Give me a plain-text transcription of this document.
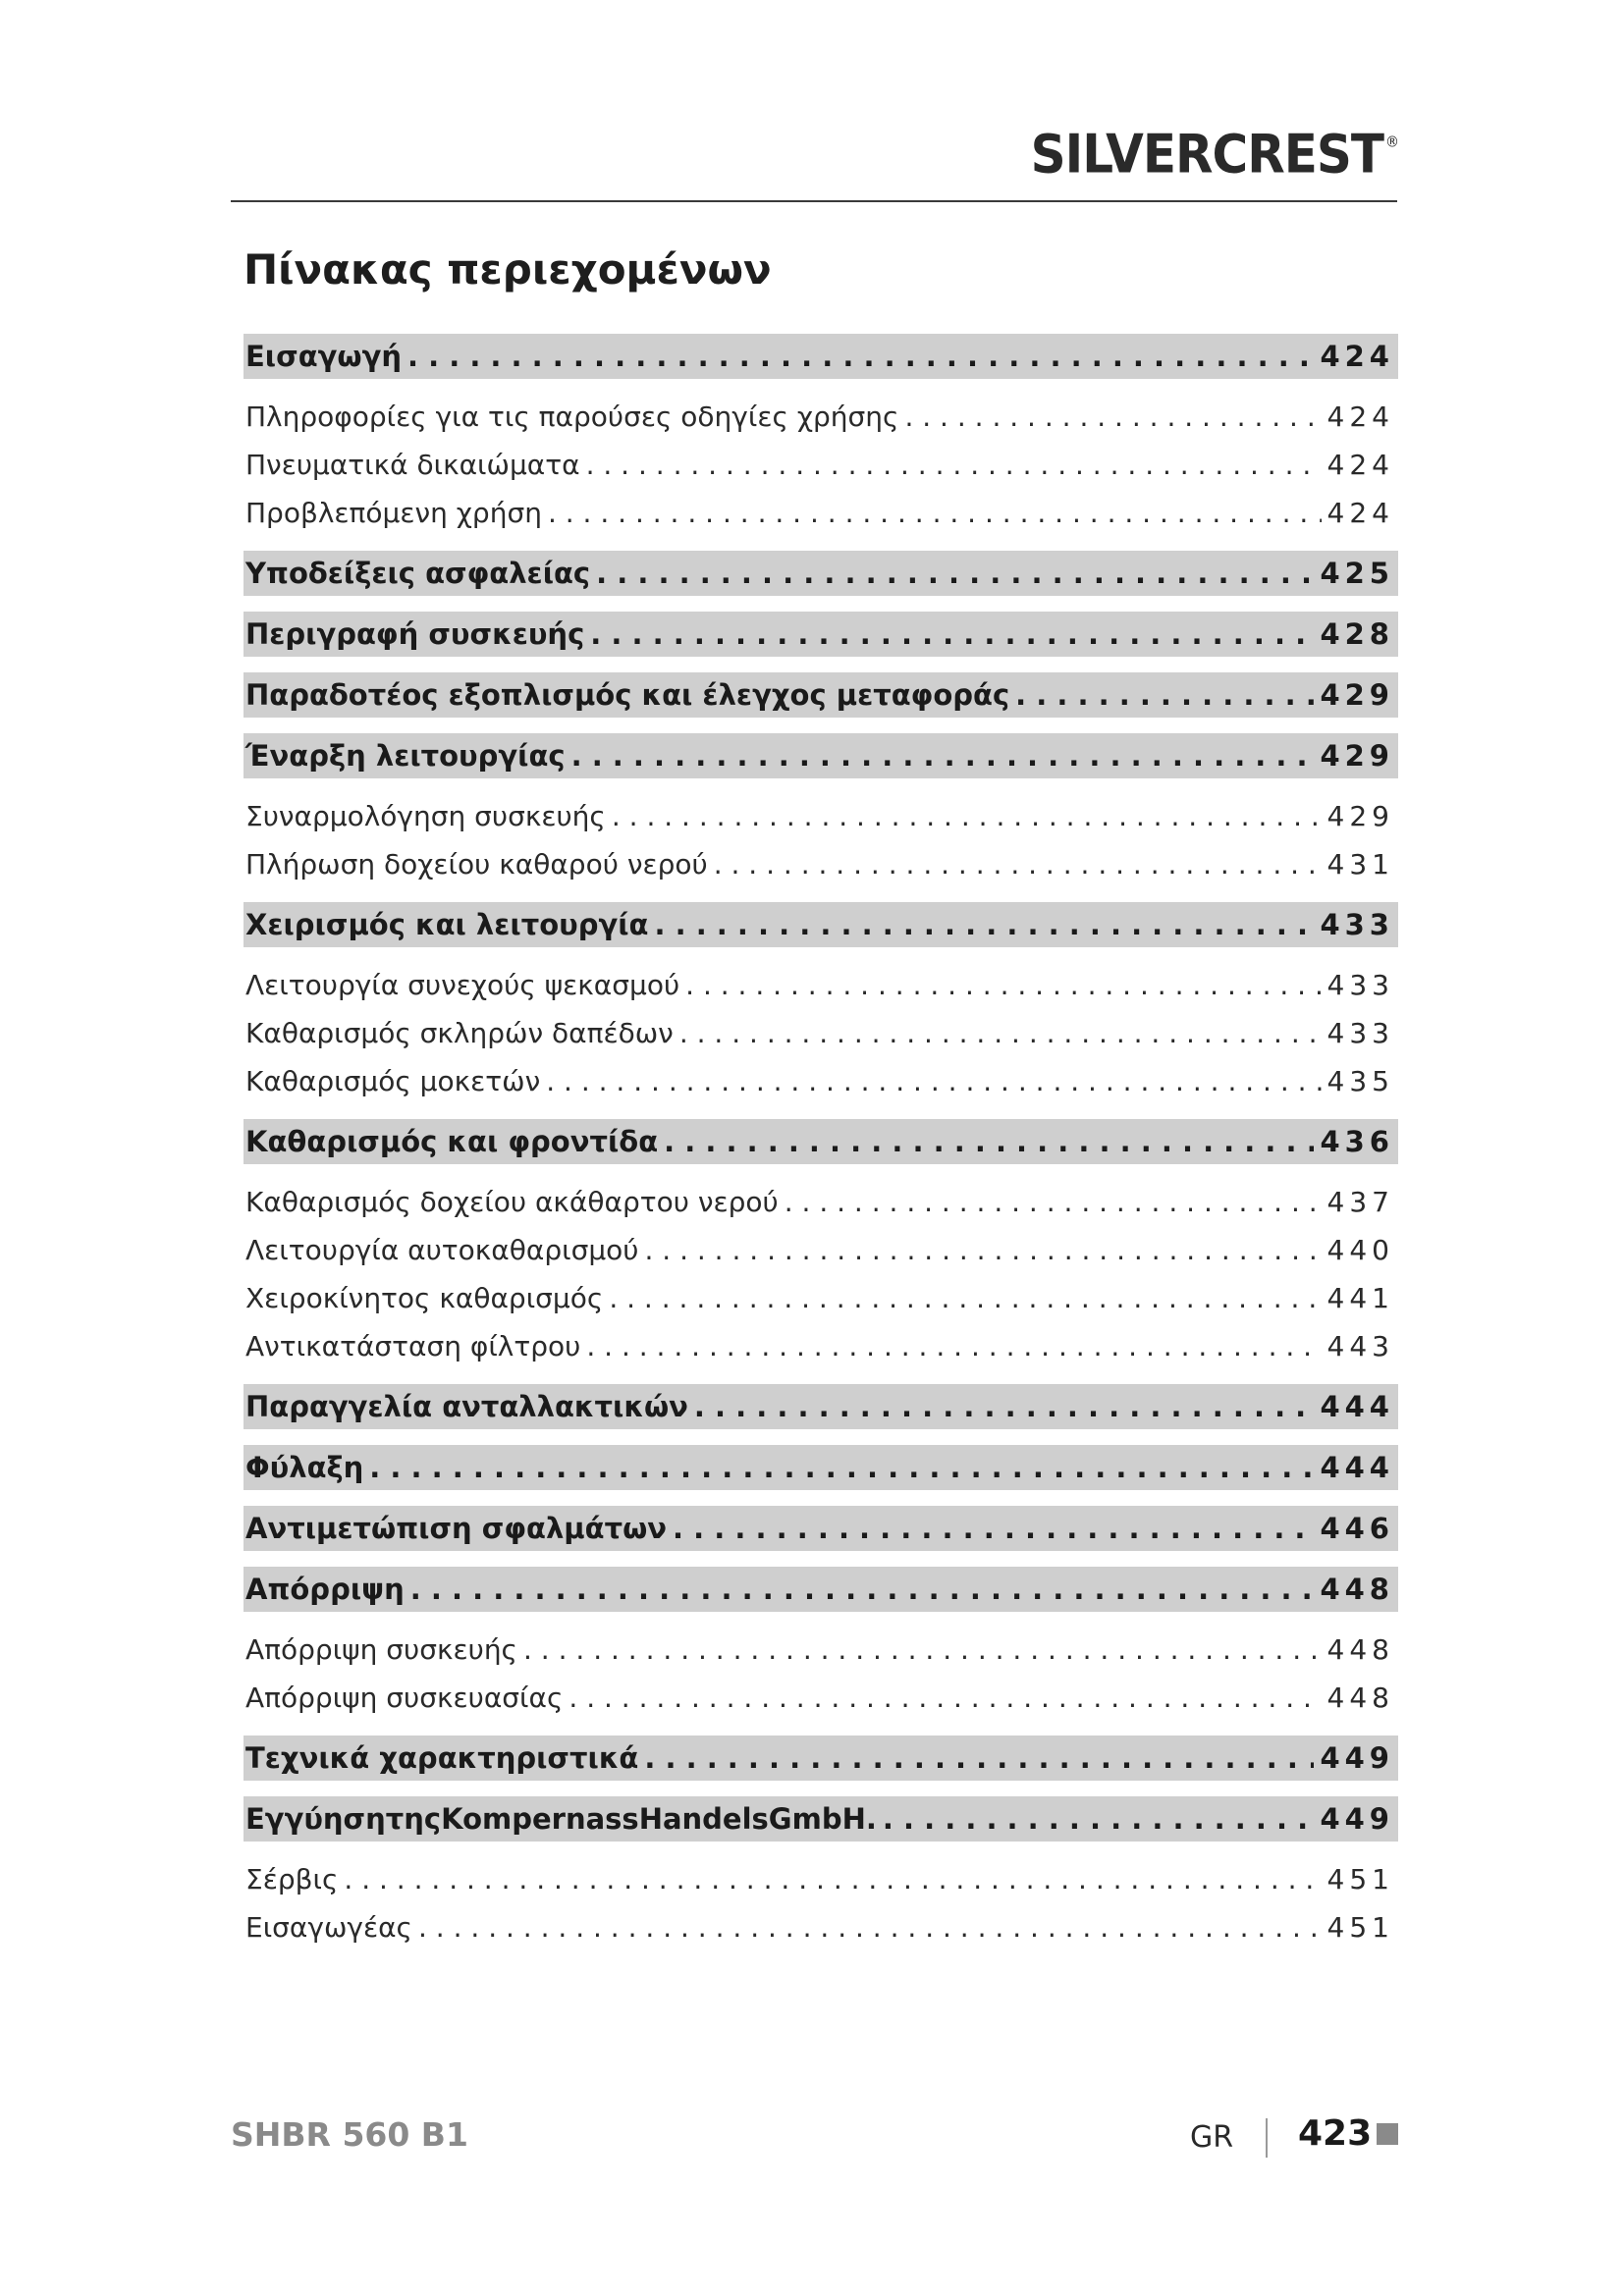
SILVERCREST ®
Πίνακας περιεχομένων
Εισαγωγή . . .	424
Πληροφορίες για τις παρούσες οδηγίες χρήσης . . .	424
Πνευματικά δικαιώματα . . .	424
Προβλεπόμενη χρήση . . .	424
Υποδείξεις ασφαλείας . . .	425
Περιγραφή συσκευής . . .	428
Παραδοτέος εξοπλισμός και έλεγχος μεταφοράς . . .	429
Έναρξη λειτουργίας . . .	429
Συναρμολόγηση συσκευής . . .	429
Πλήρωση δοχείου καθαρού νερού . . .	431
Χειρισμός και λειτουργία . . .	433
Λειτουργία συνεχούς ψεκασμού . . .	433
Καθαρισμός σκληρών δαπέδων . . .	433
Καθαρισμός μοκετών . . .	435
Καθαρισμός και φροντίδα . . .	436
Καθαρισμός δοχείου ακάθαρτου νερού . . .	437
Λειτουργία αυτοκαθαρισμού . . .	440
Χειροκίνητος καθαρισμός . . .	441
Αντικατάσταση φίλτρου . . .	443
Παραγγελία ανταλλακτικών . . .	444
Φύλαξη . . .	444
Αντιμετώπιση σφαλμάτων . . .	446
Απόρριψη . . .	448
Απόρριψη συσκευής . . .	448
Απόρριψη συσκευασίας . . .	448
Τεχνικά χαρακτηριστικά . . .	449
ΕγγύησητηςKompernassHandelsGmbH. . . .	449
Σέρβις . . .	451
Εισαγωγέας . . .	451
SHBR 560 B1	GR 423
